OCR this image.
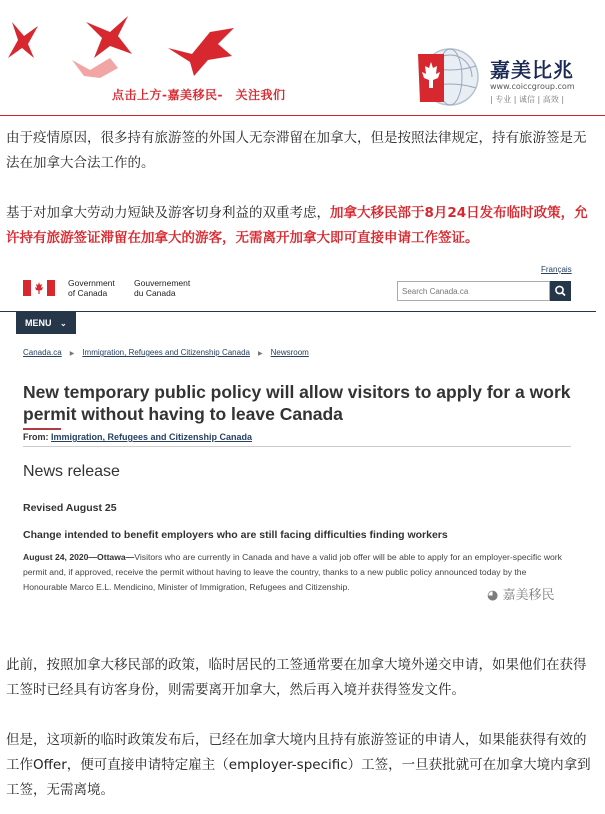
点击上方-嘉美移民-　关注我们
嘉美比兆
www.coiccgroup.com
| 专业 | 诚信 | 高效 |

由于疫情原因，很多持有旅游签的外国人无奈滞留在加拿大，但是按照法律规定，持有旅游签是无法在加拿大合法工作的。

基于对加拿大劳动力短缺及游客切身利益的双重考虑，加拿大移民部于8月24日发布临时政策，允许持有旅游签证滞留在加拿大的游客，无需离开加拿大即可直接申请工作签证。

Français
Government
of Canada
Gouvernement
du Canada	Search Canada.ca
MENU ⌄
Canada.ca ▶ Immigration, Refugees and Citizenship Canada ▶ Newsroom
New temporary public policy will allow visitors to apply for a work permit without having to leave Canada
From: Immigration, Refugees and Citizenship Canada
News release
Revised August 25
Change intended to benefit employers who are still facing difficulties finding workers

August 24, 2020—Ottawa—Visitors who are currently in Canada and have a valid job offer will be able to apply for an employer-specific work permit and, if approved, receive the permit without having to leave the country, thanks to a new public policy announced today by the Honourable Marco E.L. Mendicino, Minister of Immigration, Refugees and Citizenship.

◕ 嘉美移民

此前，按照加拿大移民部的政策，临时居民的工签通常要在加拿大境外递交申请，如果他们在获得工签时已经具有访客身份，则需要离开加拿大，然后再入境并获得签发文件。

但是，这项新的临时政策发布后，已经在加拿大境内且持有旅游签证的申请人，如果能获得有效的工作Offer，便可直接申请特定雇主（employer-specific）工签，一旦获批就可在加拿大境内拿到工签，无需离境。
